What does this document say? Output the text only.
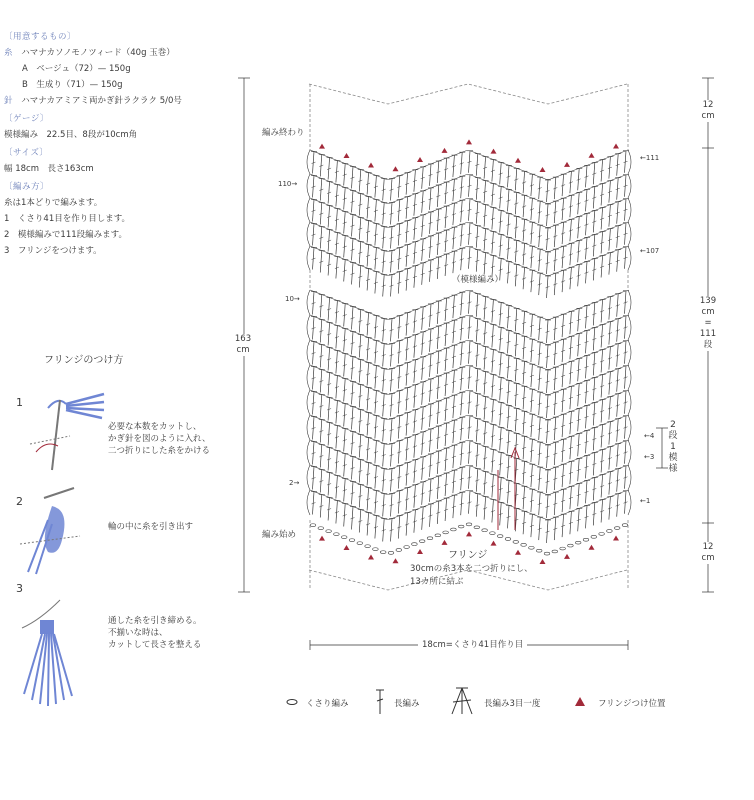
〔用意するもの〕
糸 ハマナカソノモノツィード（40g 玉巻）
A　ベージュ（72）— 150g
B　生成り（71）— 150g
針 ハマナカアミアミ両かぎ針ラクラク 5/0号
〔ゲージ〕
模様編み　22.5目、8段が10cm角
〔サイズ〕
幅 18cm　長さ163cm
〔編み方〕
糸は1本どりで編みます。
1　くさり41目を作り目します。
2　模様編みで111段編みます。
3　フリンジをつけます。
フリンジのつけ方
1
必要な本数をカットし、
かぎ針を図のように入れ、
二つ折りにした糸をかける
2
輪の中に糸を引き出す
3
通した糸を引き締める。
不揃いな時は、
カットして長さを整える
編み終わり
編み始め
（模様編み）
110→
10→
2→
←111
←107
←4
←3
←1
2
段
1
模
様
163
cm
12
cm
139
cm
=
111
段
12
cm
フリンジ
30cmの糸3本を二つ折りにし、
13カ所に結ぶ
18cm=くさり41目作り目
くさり編み	長編み	長編み3目一度	フリンジつけ位置
